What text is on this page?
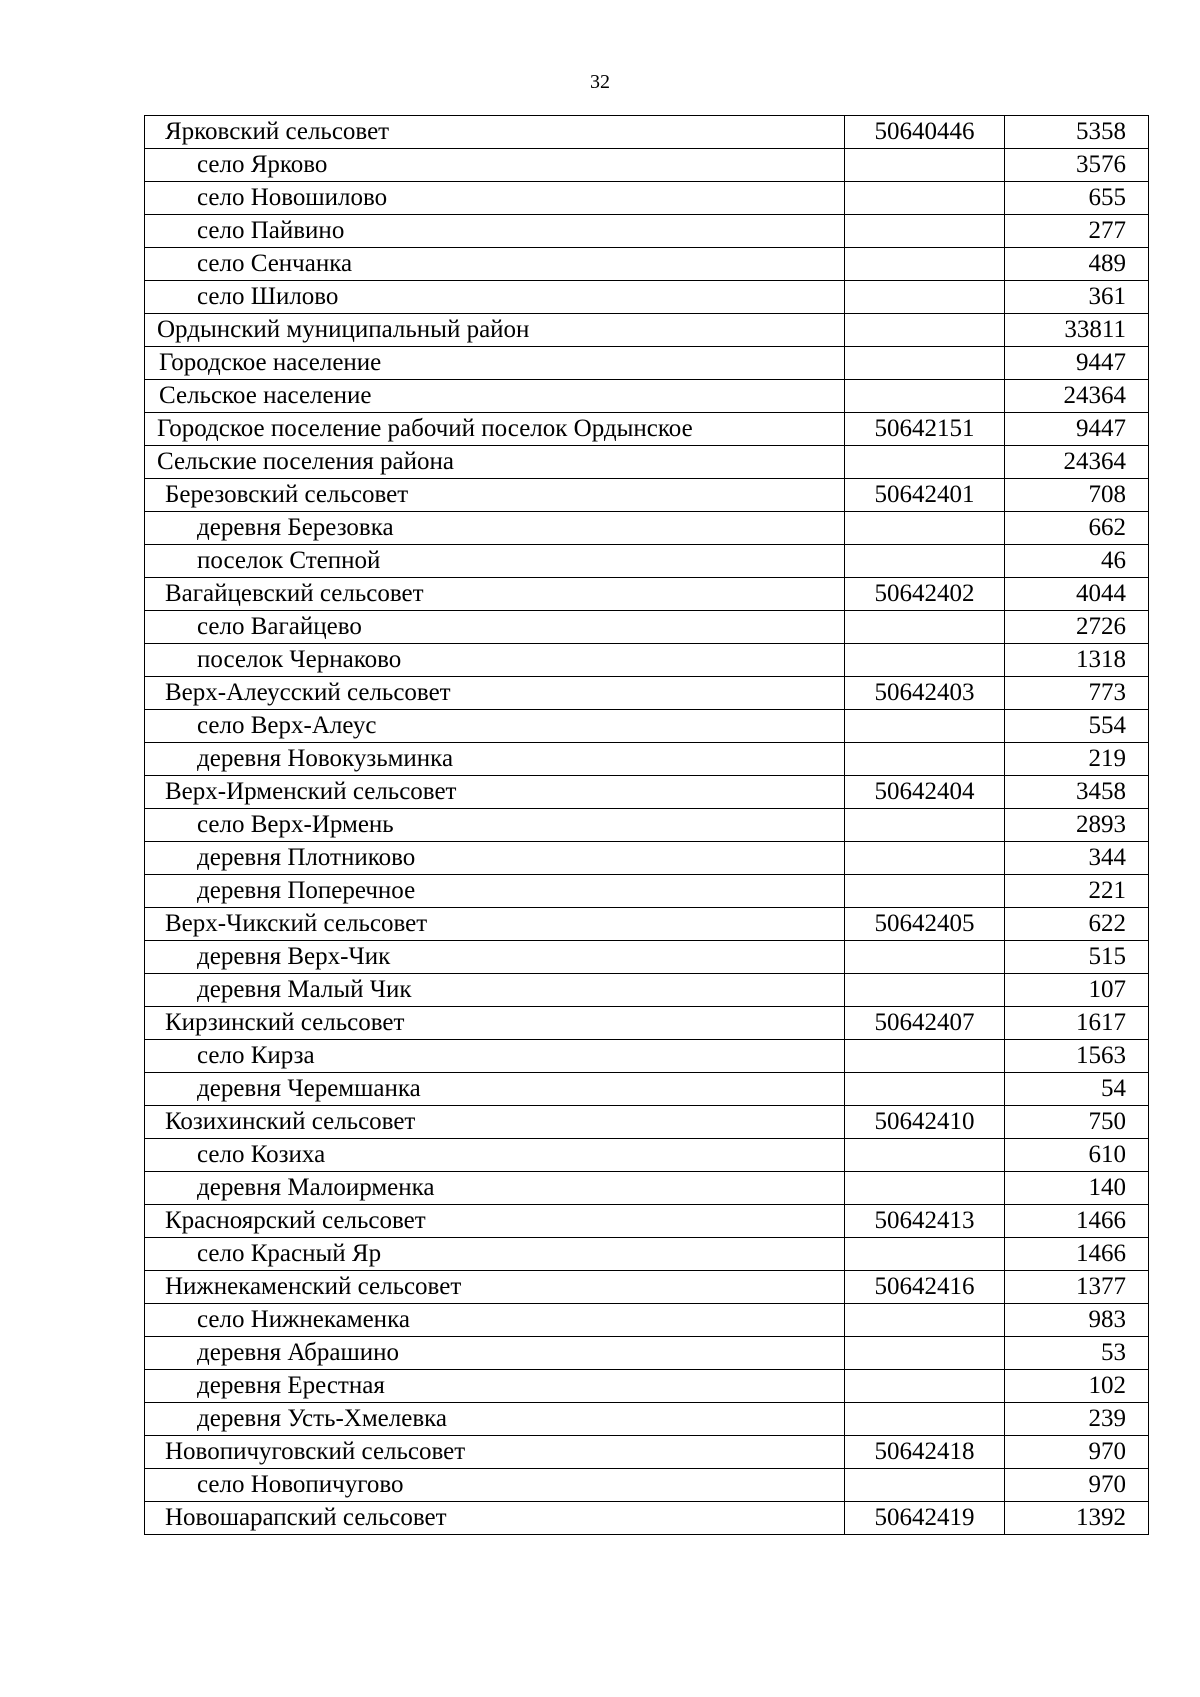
32
Ярковский сельсовет	50640446	5358
село Ярково		3576
село Новошилово		655
село Пайвино		277
село Сенчанка		489
село Шилово		361
Ордынский муниципальный район		33811
Городское население		9447
Сельское население		24364
Городское поселение рабочий поселок Ордынское	50642151	9447
Сельские поселения района		24364
Березовский сельсовет	50642401	708
деревня Березовка		662
поселок Степной		46
Вагайцевский сельсовет	50642402	4044
село Вагайцево		2726
поселок Чернаково		1318
Верх-Алеусский сельсовет	50642403	773
село Верх-Алеус		554
деревня Новокузьминка		219
Верх-Ирменский сельсовет	50642404	3458
село Верх-Ирмень		2893
деревня Плотниково		344
деревня Поперечное		221
Верх-Чикский сельсовет	50642405	622
деревня Верх-Чик		515
деревня Малый Чик		107
Кирзинский сельсовет	50642407	1617
село Кирза		1563
деревня Черемшанка		54
Козихинский сельсовет	50642410	750
село Козиха		610
деревня Малоирменка		140
Красноярский сельсовет	50642413	1466
село Красный Яр		1466
Нижнекаменский сельсовет	50642416	1377
село Нижнекаменка		983
деревня Абрашино		53
деревня Ерестная		102
деревня Усть-Хмелевка		239
Новопичуговский сельсовет	50642418	970
село Новопичугово		970
Новошарапский сельсовет	50642419	1392
